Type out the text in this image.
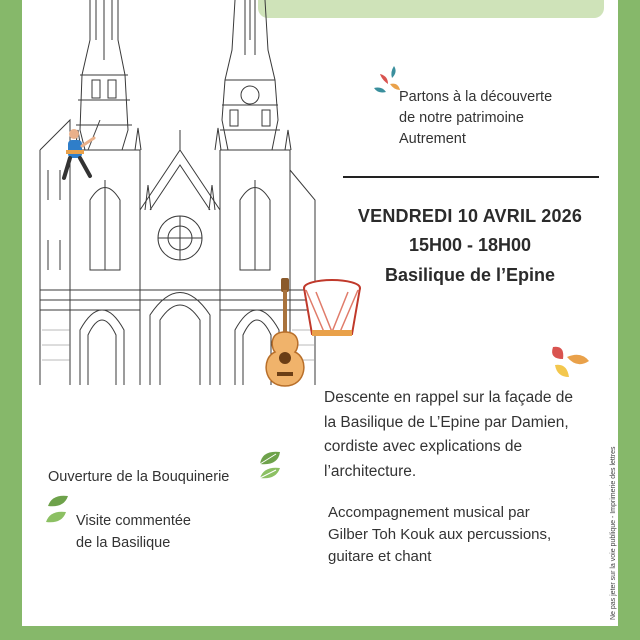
Partons à la découverte
de notre patrimoine
Autrement
VENDREDI 10 AVRIL 2026
15H00 - 18H00
Basilique de l’Epine
Descente en rappel sur la façade de
la Basilique de L’Epine par Damien,
cordiste avec explications de
l’architecture.
Accompagnement musical par
Gilber Toh Kouk aux percussions,
guitare et chant
Ouverture de la Bouquinerie
Visite commentée
de la Basilique	Ne pas jeter sur la voie publique - Imprimerie des lettres
